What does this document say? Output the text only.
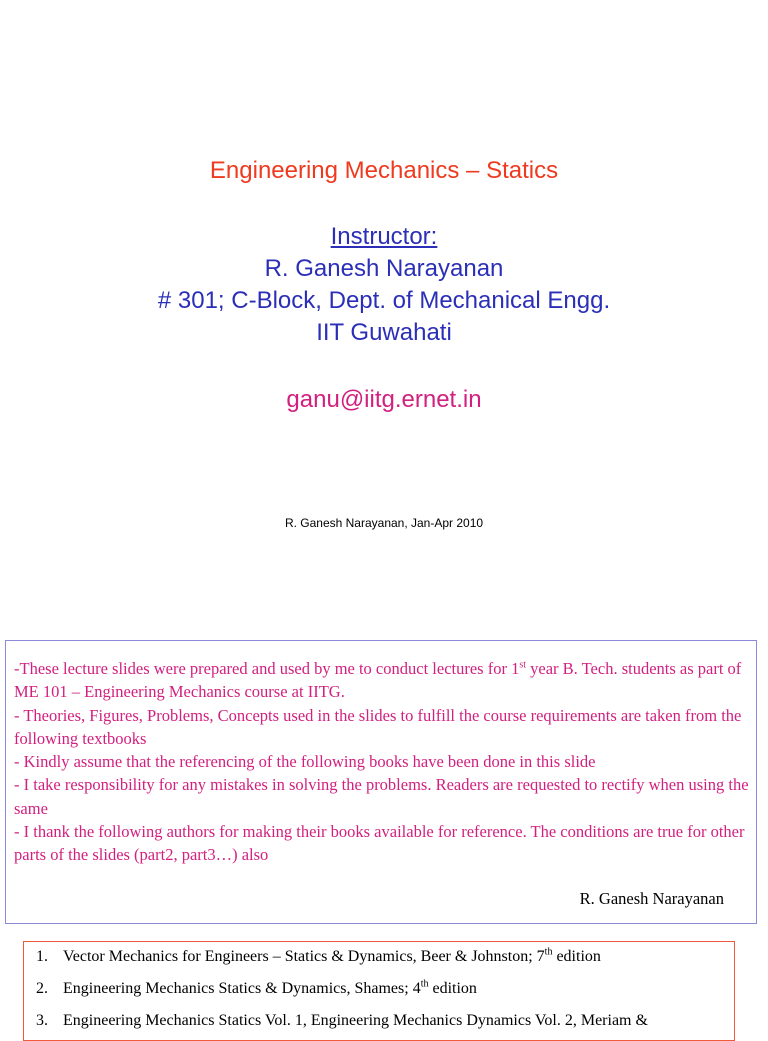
Engineering Mechanics – Statics
Instructor:
R. Ganesh Narayanan
# 301; C-Block, Dept. of Mechanical Engg.
IIT Guwahati
ganu@iitg.ernet.in
R. Ganesh Narayanan, Jan-Apr 2010
-These lecture slides were prepared and used by me to conduct lectures for 1st year B. Tech. students as part of ME 101 – Engineering Mechanics course at IITG.
- Theories, Figures, Problems, Concepts used in the slides to fulfill the course requirements are taken from the following textbooks
- Kindly assume that the referencing of the following books have been done in this slide
- I take responsibility for any mistakes in solving the problems. Readers are requested to rectify when using the same
- I thank the following authors for making their books available for reference. The conditions are true for other parts of the slides (part2, part3…) also
R. Ganesh Narayanan
1. Vector Mechanics for Engineers – Statics & Dynamics, Beer & Johnston; 7th edition
2. Engineering Mechanics Statics & Dynamics, Shames; 4th edition
3. Engineering Mechanics Statics Vol. 1, Engineering Mechanics Dynamics Vol. 2, Meriam &
